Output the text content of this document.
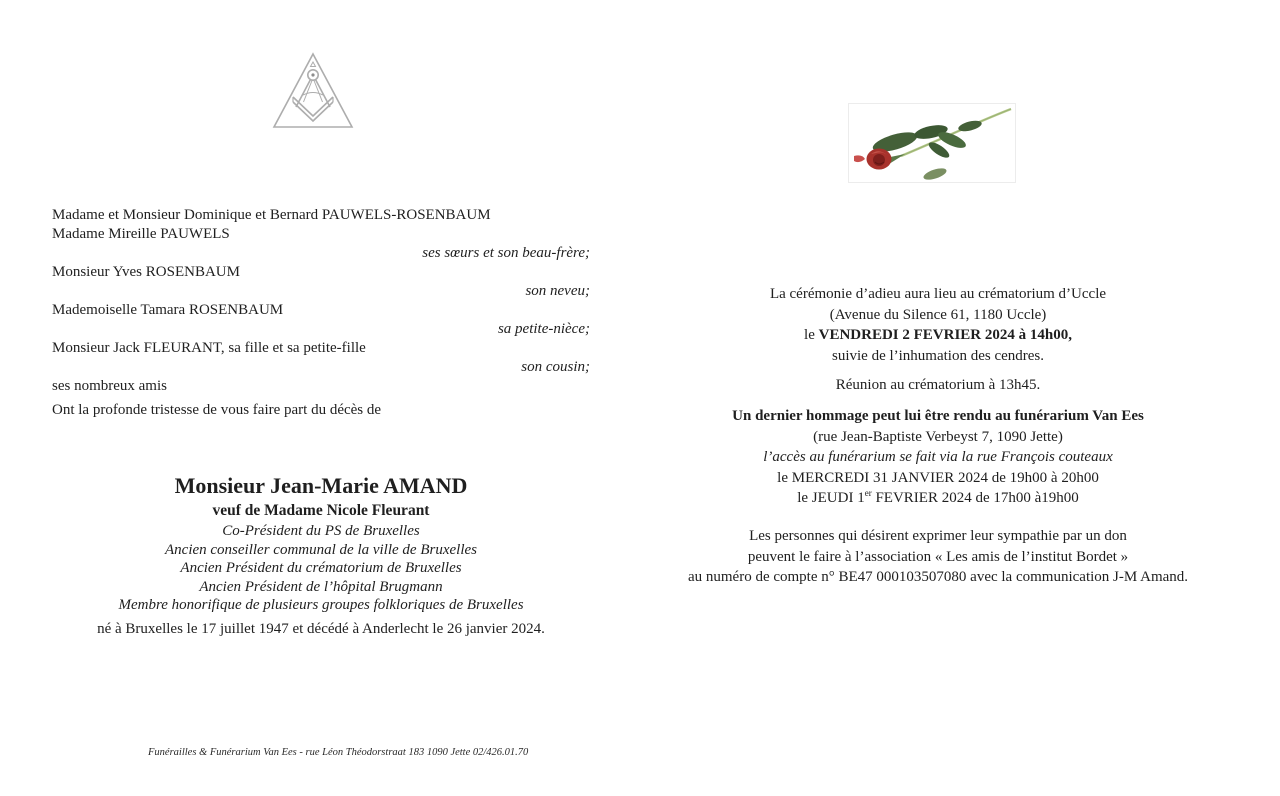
Madame et Monsieur Dominique et Bernard PAUWELS-ROSENBAUM
Madame Mireille PAUWELS
ses sœurs et son beau-frère;
Monsieur Yves ROSENBAUM
son neveu;
Mademoiselle Tamara ROSENBAUM
sa petite-nièce;
Monsieur Jack FLEURANT, sa fille et sa petite-fille
son cousin;
ses nombreux amis
Ont la profonde tristesse de vous faire part du décès de
Monsieur Jean-Marie AMAND
veuf de Madame Nicole Fleurant
Co-Président du PS de Bruxelles
Ancien conseiller communal de la ville de Bruxelles
Ancien Président du crématorium de Bruxelles
Ancien Président de l’hôpital Brugmann
Membre honorifique de plusieurs groupes folkloriques de Bruxelles
né à Bruxelles le 17 juillet 1947 et décédé à Anderlecht le 26 janvier 2024.
Funérailles & Funérarium Van Ees - rue Léon Théodorstraat 183 1090 Jette 02/426.01.70
La cérémonie d’adieu aura lieu au crématorium d’Uccle
(Avenue du Silence 61, 1180 Uccle)
le VENDREDI 2 FEVRIER 2024 à 14h00,
suivie de l’inhumation des cendres.
Réunion au crématorium à 13h45.
Un dernier hommage peut lui être rendu au funérarium Van Ees
(rue Jean-Baptiste Verbeyst 7, 1090 Jette)
l’accès au funérarium se fait via la rue François couteaux
le MERCREDI 31 JANVIER 2024 de 19h00 à 20h00
le JEUDI 1er FEVRIER 2024 de 17h00 à19h00
Les personnes qui désirent exprimer leur sympathie par un don
peuvent le faire à l’association « Les amis de l’institut Bordet »
au numéro de compte n° BE47 000103507080 avec la communication J-M Amand.
